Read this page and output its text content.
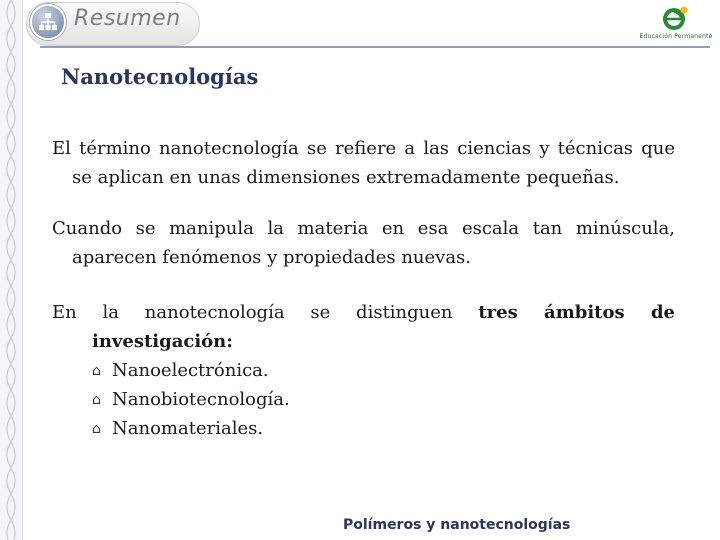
Resumen
Educación Permanente
Nanotecnologías

El término nanotecnología se refiere a las ciencias y técnicas que se aplican en unas dimensiones extremadamente pequeñas.

Cuando se manipula la materia en esa escala tan minúscula, aparecen fenómenos y propiedades nuevas.

En la nanotecnología se distinguen tres ámbitos de investigación:

⌂ Nanoelectrónica.
⌂ Nanobiotecnología.
⌂ Nanomateriales.
Polímeros y nanotecnologías
